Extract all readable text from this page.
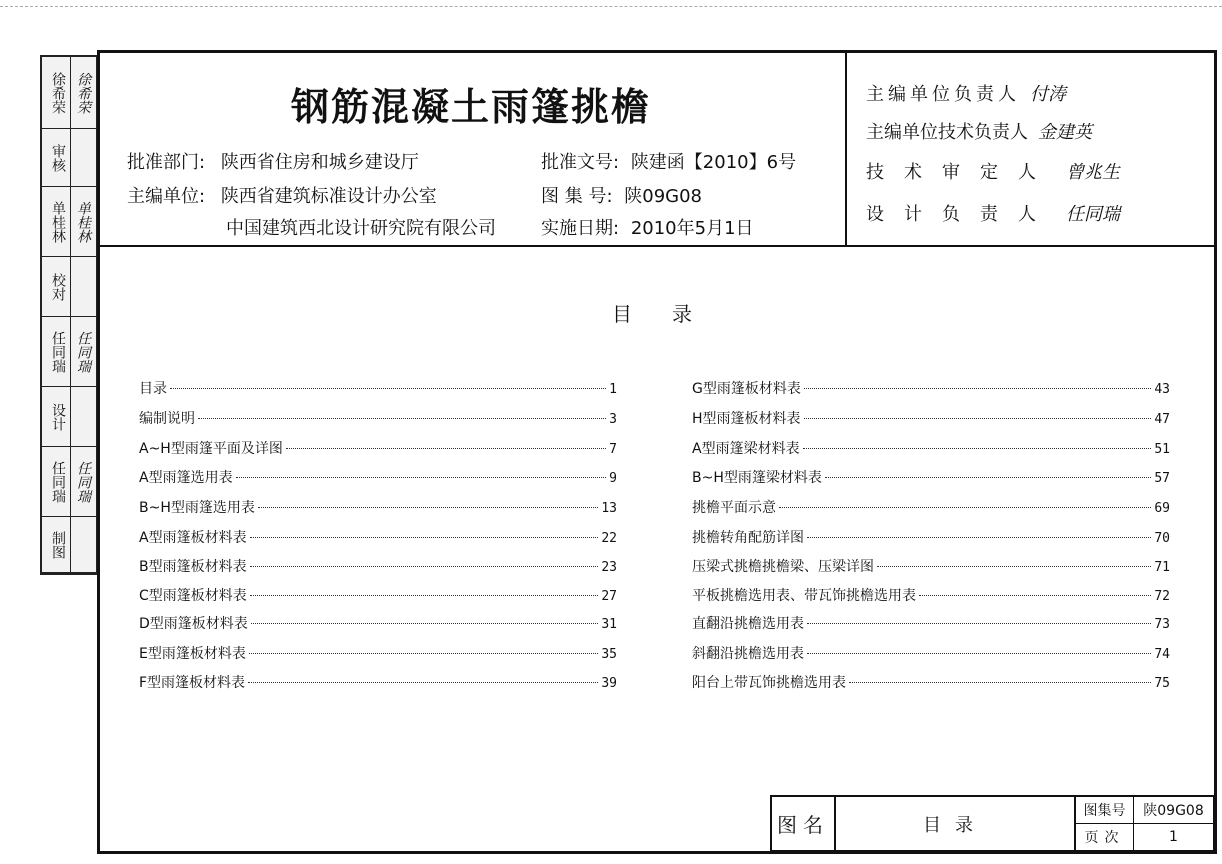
徐希荣 徐希荣
审核
单桂林 单桂林
校对
任同瑞 任同瑞
设计
任同瑞 任同瑞
制图
钢筋混凝土雨篷挑檐
批准部门: 陕西省住房和城乡建设厅
主编单位: 陕西省建筑标准设计办公室
中国建筑西北设计研究院有限公司
批准文号: 陕建函【2010】6号
图 集 号: 陕09G08
实施日期: 2010年5月1日
主编单位负责人 付涛
主编单位技术负责人 金建英
技术审定人 曾兆生
设计负责人 任同瑞
目录
目录	1
编制说明	3
A~H型雨篷平面及详图	7
A型雨篷选用表	9
B~H型雨篷选用表	13
A型雨篷板材料表	22
B型雨篷板材料表	23
C型雨篷板材料表	27
D型雨篷板材料表	31
E型雨篷板材料表	35
F型雨篷板材料表	39
G型雨篷板材料表	43
H型雨篷板材料表	47
A型雨篷梁材料表	51
B~H型雨篷梁材料表	57
挑檐平面示意	69
挑檐转角配筋详图	70
压梁式挑檐挑檐梁、压梁详图	71
平板挑檐选用表、带瓦饰挑檐选用表	72
直翻沿挑檐选用表	73
斜翻沿挑檐选用表	74
阳台上带瓦饰挑檐选用表	75
图名	目录
图集号	陕09G08
页次	1
